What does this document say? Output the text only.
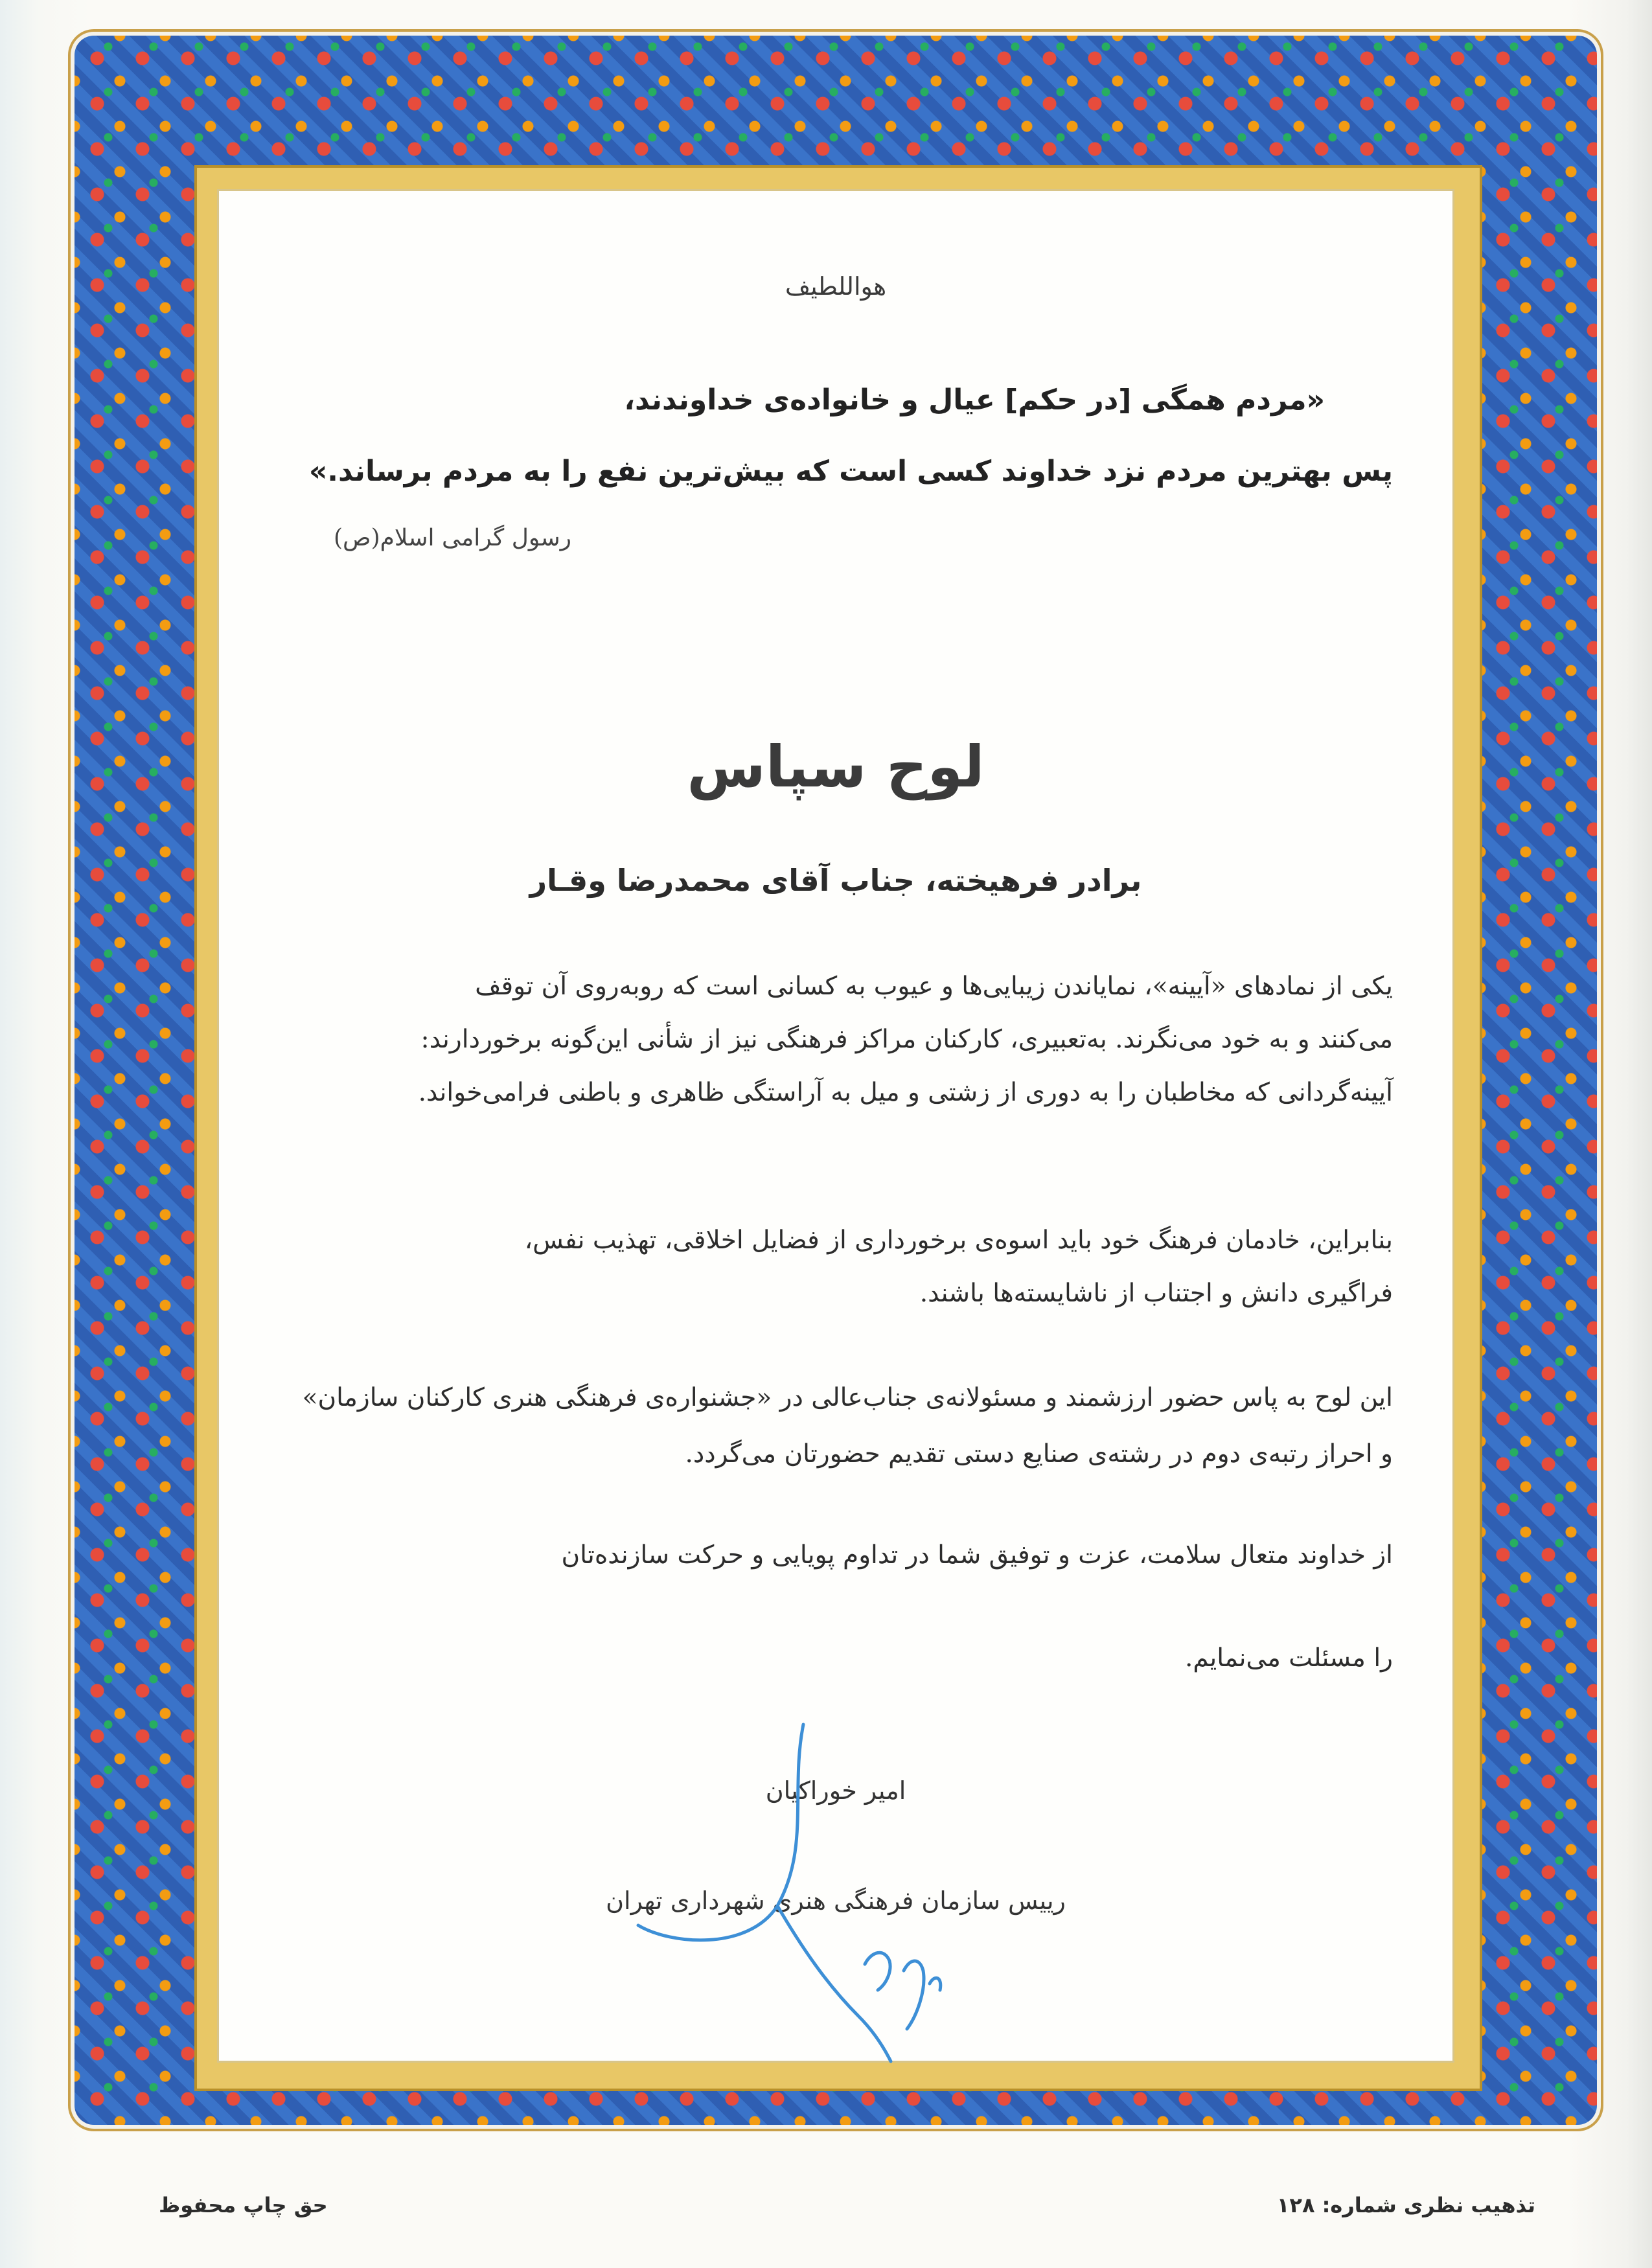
هواللطیف
«مردم همگی [در حکم] عیال و خانواده‌ی خداوندند،
پس بهترین مردم نزد خداوند کسی است که بیش‌ترین نفع را به مردم برساند.»
رسول گرامی اسلام(ص)
لوح سپاس
برادر فرهیخته، جناب آقای محمدرضا وقـار
یکی از نمادهای «آیینه»، نمایاندن زیبایی‌ها و عیوب به کسانی است که روبه‌روی آن توقف
می‌کنند و به خود می‌نگرند. به‌تعبیری، کارکنان مراکز فرهنگی نیز از شأنی این‌گونه برخوردارند:
آیینه‌گردانی که مخاطبان را به دوری از زشتی و میل به آراستگی ظاهری و باطنی فرامی‌خواند.
بنابراین، خادمان فرهنگ خود باید اسوه‌ی برخورداری از فضایل اخلاقی، تهذیب نفس،
فراگیری دانش و اجتناب از ناشایسته‌ها باشند.
این لوح به پاس حضور ارزشمند و مسئولانه‌ی جناب‌عالی در «جشنواره‌ی فرهنگی هنری کارکنان سازمان»
و احراز رتبه‌ی دوم در رشته‌ی صنایع دستی تقدیم حضورتان می‌گردد.
از خداوند متعال سلامت، عزت و توفیق شما در تداوم پویایی و حرکت سازنده‌تان
را مسئلت می‌نمایم.
امیر خوراکیان
رییس سازمان فرهنگی هنری شهرداری تهران
تذهیب نظری شماره: ۱۲۸
حق چاپ محفوظ
